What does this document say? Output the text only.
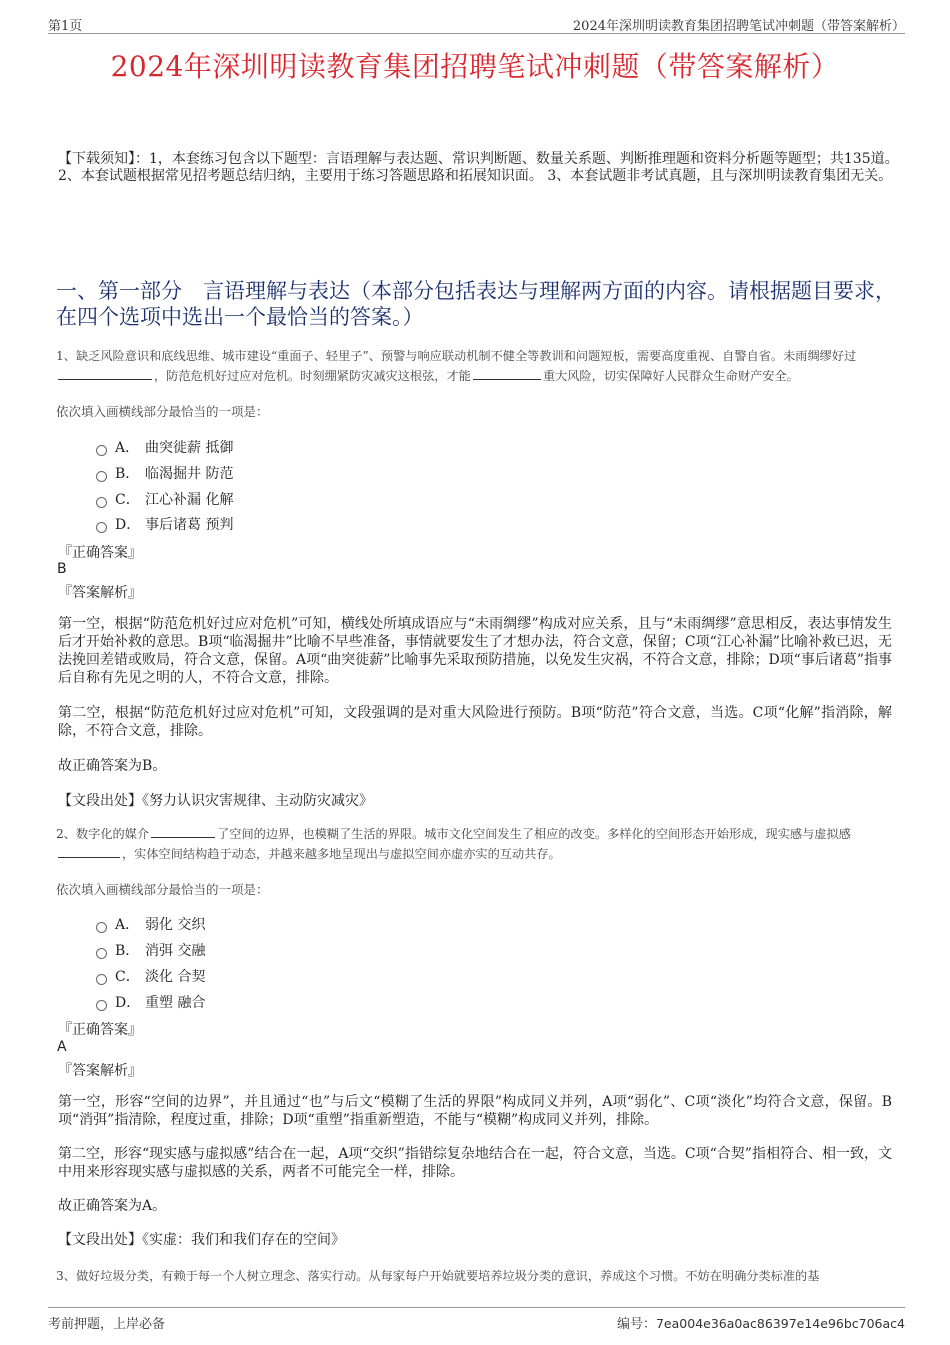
第1页	2024年深圳明读教育集团招聘笔试冲刺题（带答案解析）
2024年深圳明读教育集团招聘笔试冲刺题（带答案解析）
【下载须知】：1，本套练习包含以下题型：言语理解与表达题、常识判断题、数量关系题、判断推理题和资料分析题等题型；共135道。 2、本套试题根据常见招考题总结归纳，主要用于练习答题思路和拓展知识面。 3、本套试题非考试真题，且与深圳明读教育集团无关。
一、第一部分　言语理解与表达（本部分包括表达与理解两方面的内容。请根据题目要求，在四个选项中选出一个最恰当的答案。）
1、缺乏风险意识和底线思维、城市建设“重面子、轻里子”、预警与响应联动机制不健全等教训和问题短板，需要高度重视、自警自省。未雨绸缪好过，防范危机好过应对危机。时刻绷紧防灾减灾这根弦，才能	重大风险，切实保障好人民群众生命财产安全。
依次填入画横线部分最恰当的一项是：
A． 曲突徙薪 抵御
B． 临渴掘井 防范
C． 江心补漏 化解
D． 事后诸葛 预判
『正确答案』
B
『答案解析』
第一空，根据“防范危机好过应对危机”可知，横线处所填成语应与“未雨绸缪”构成对应关系，且与“未雨绸缪”意思相反，表达事情发生后才开始补救的意思。B项“临渴掘井”比喻不早些准备，事情就要发生了才想办法，符合文意，保留；C项“江心补漏”比喻补救已迟，无法挽回差错或败局，符合文意，保留。A项“曲突徙薪”比喻事先采取预防措施，以免发生灾祸，不符合文意，排除；D项“事后诸葛”指事后自称有先见之明的人，不符合文意，排除。
第二空，根据“防范危机好过应对危机”可知，文段强调的是对重大风险进行预防。B项“防范”符合文意，当选。C项“化解”指消除，解除，不符合文意，排除。
故正确答案为B。
【文段出处】《努力认识灾害规律、主动防灾减灾》
2、数字化的媒介	了空间的边界，也模糊了生活的界限。城市文化空间发生了相应的改变。多样化的空间形态开始形成，现实感与虚拟感，实体空间结构趋于动态，并越来越多地呈现出与虚拟空间亦虚亦实的互动共存。
依次填入画横线部分最恰当的一项是：
A． 弱化 交织
B． 消弭 交融
C． 淡化 合契
D． 重塑 融合
『正确答案』
A
『答案解析』
第一空，形容“空间的边界”，并且通过“也”与后文“模糊了生活的界限”构成同义并列，A项“弱化”、C项“淡化”均符合文意，保留。B项“消弭”指清除，程度过重，排除；D项“重塑”指重新塑造，不能与“模糊”构成同义并列，排除。
第二空，形容“现实感与虚拟感”结合在一起，A项“交织”指错综复杂地结合在一起，符合文意，当选。C项“合契”指相符合、相一致，文中用来形容现实感与虚拟感的关系，两者不可能完全一样，排除。
故正确答案为A。
【文段出处】《实虚：我们和我们存在的空间》
3、做好垃圾分类，有赖于每一个人树立理念、落实行动。从每家每户开始就要培养垃圾分类的意识，养成这个习惯。不妨在明确分类标准的基
考前押题，上岸必备	编号：7ea004e36a0ac86397e14e96bc706ac4
